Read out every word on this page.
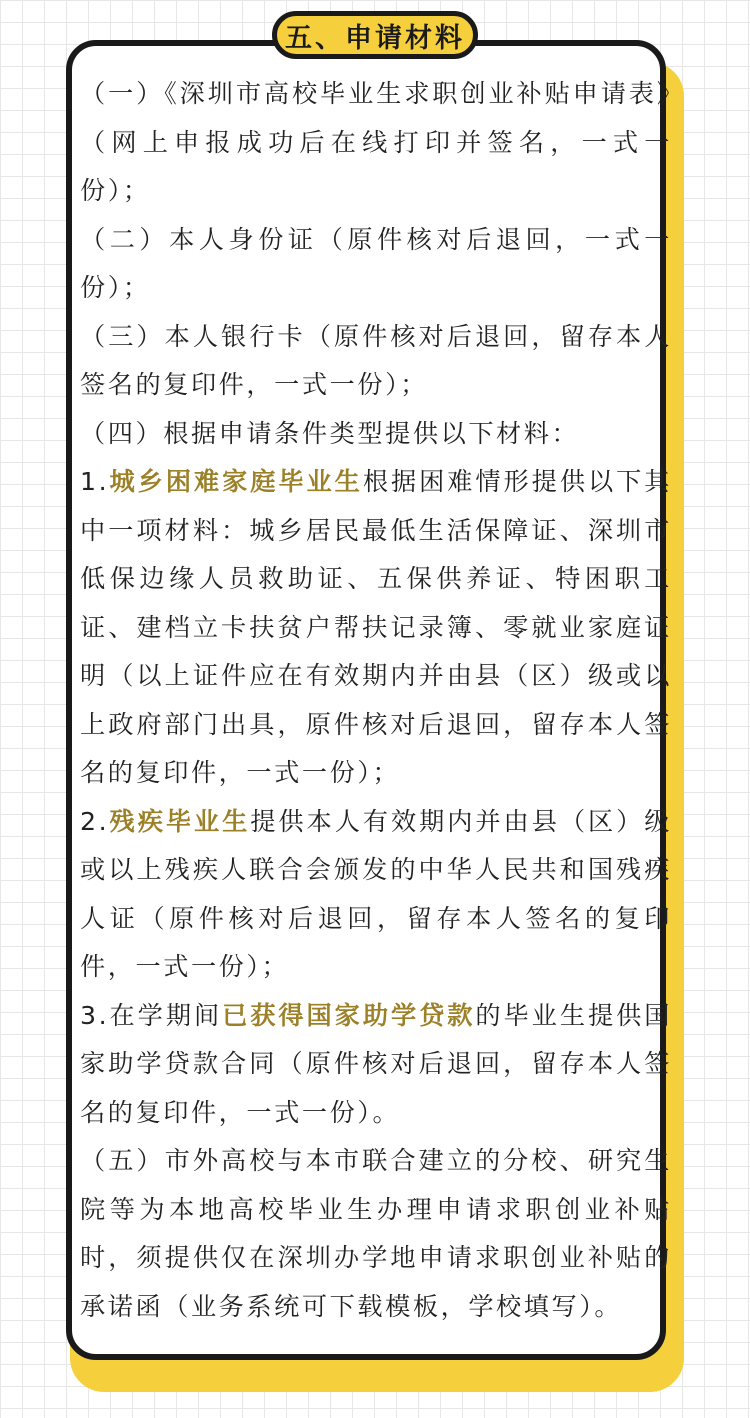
五、申请材料

（一）《深圳市高校毕业生求职创业补贴申请表》（网上申报成功后在线打印并签名，一式一份）；

（二）本人身份证（原件核对后退回，一式一份）；

（三）本人银行卡（原件核对后退回，留存本人签名的复印件，一式一份）；

（四）根据申请条件类型提供以下材料：

1.城乡困难家庭毕业生根据困难情形提供以下其中一项材料：城乡居民最低生活保障证、深圳市低保边缘人员救助证、五保供养证、特困职工证、建档立卡扶贫户帮扶记录簿、零就业家庭证明（以上证件应在有效期内并由县（区）级或以上政府部门出具，原件核对后退回，留存本人签名的复印件，一式一份）；

2.残疾毕业生提供本人有效期内并由县（区）级或以上残疾人联合会颁发的中华人民共和国残疾人证（原件核对后退回，留存本人签名的复印件，一式一份）；

3.在学期间已获得国家助学贷款的毕业生提供国家助学贷款合同（原件核对后退回，留存本人签名的复印件，一式一份）。

（五）市外高校与本市联合建立的分校、研究生院等为本地高校毕业生办理申请求职创业补贴时，须提供仅在深圳办学地申请求职创业补贴的承诺函（业务系统可下载模板，学校填写）。
